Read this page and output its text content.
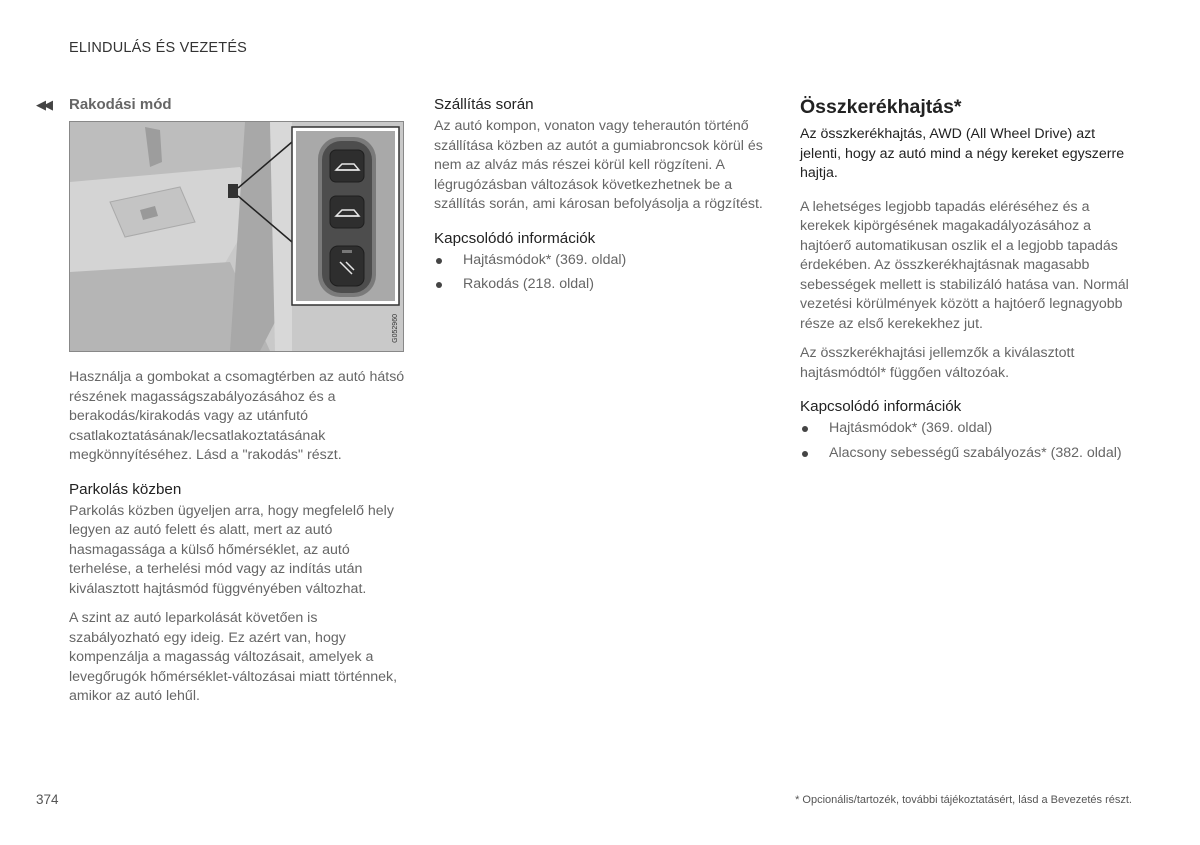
ELINDULÁS ÉS VEZETÉS
◀◀ Rakodási mód
G052960

Használja a gombokat a csomagtérben az autó hátsó részének magasságszabályozásához és a berakodás/kirakodás vagy az utánfutó csatlakoztatásának/lecsatlakoztatásának megkönnyítéséhez. Lásd a "rakodás" részt.

Parkolás közben

Parkolás közben ügyeljen arra, hogy megfelelő hely legyen az autó felett és alatt, mert az autó hasmagassága a külső hőmérséklet, az autó terhelése, a terhelési mód vagy az indítás után kiválasztott hajtásmód függvényében változhat.

A szint az autó leparkolását követően is szabályozható egy ideig. Ez azért van, hogy kompenzálja a magasság változásait, amelyek a levegőrugók hőmérséklet-változásai miatt történnek, amikor az autó lehűl.

Szállítás során

Az autó kompon, vonaton vagy teherautón történő szállítása közben az autót a gumiabroncsok körül és nem az alváz más részei körül kell rögzíteni. A légrugózásban változások következhetnek be a szállítás során, ami károsan befolyásolja a rögzítést.

Kapcsolódó információk
Hajtásmódok* (369. oldal)
Rakodás (218. oldal)
Összkerékhajtás*

Az összkerékhajtás, AWD (All Wheel Drive) azt jelenti, hogy az autó mind a négy kereket egyszerre hajtja.

A lehetséges legjobb tapadás eléréséhez és a kerekek kipörgésének magakadályozásához a hajtóerő automatikusan oszlik el a legjobb tapadás érdekében. Az összkerékhajtásnak magasabb sebességek mellett is stabilizáló hatása van. Normál vezetési körülmények között a hajtóerő legnagyobb része az első kerekekhez jut.

Az összkerékhajtási jellemzők a kiválasztott hajtásmódtól* függően változóak.

Kapcsolódó információk
Hajtásmódok* (369. oldal)
Alacsony sebességű szabályozás* (382. oldal)
374	* Opcionális/tartozék, további tájékoztatásért, lásd a Bevezetés részt.
